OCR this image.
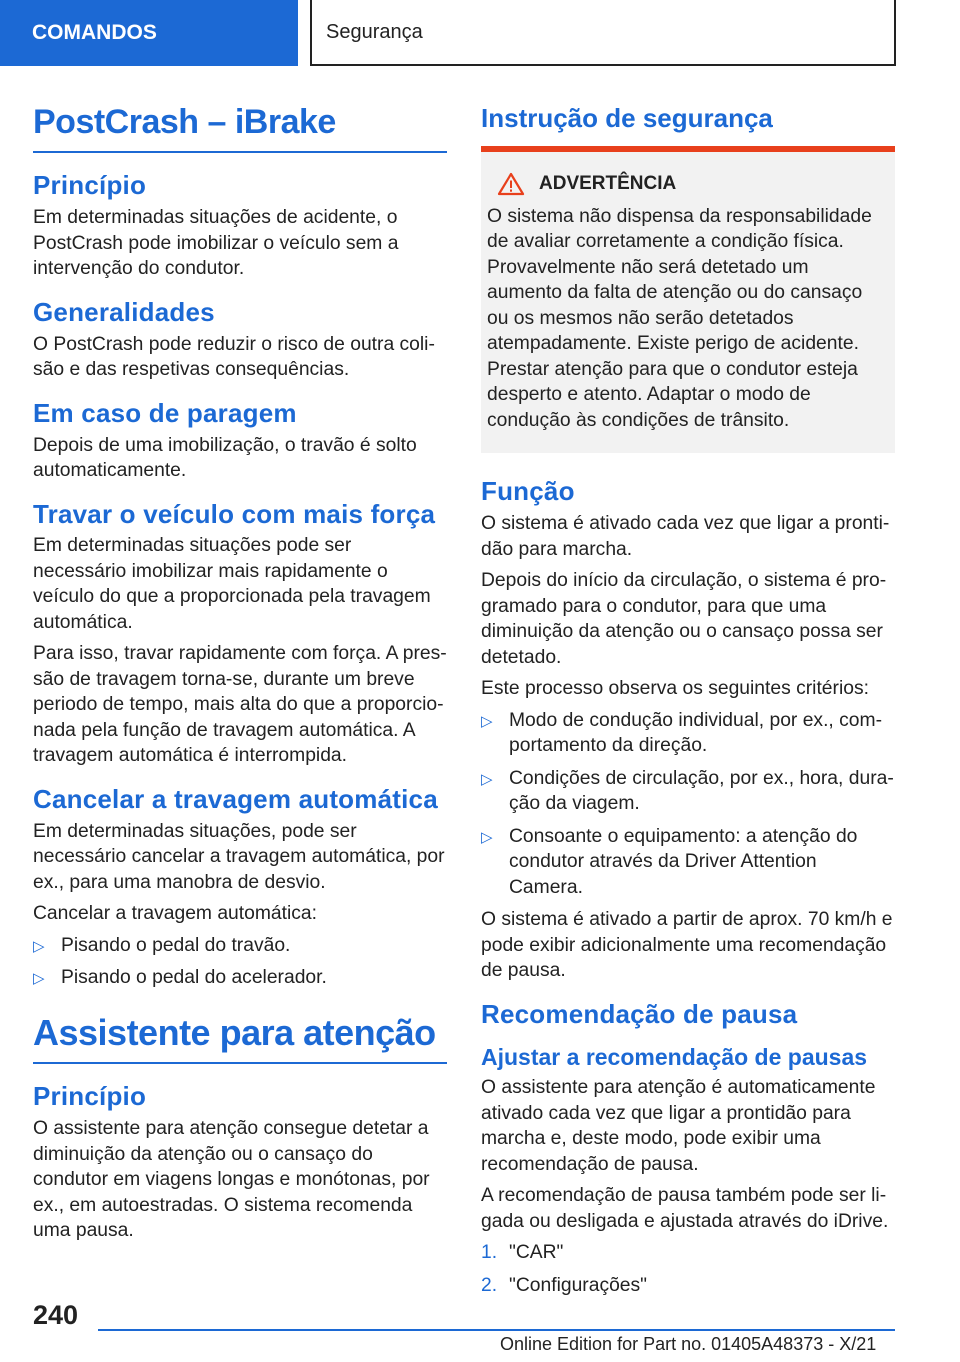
COMANDOS	Segurança
PostCrash – iBrake
Princípio

Em determinadas situações de acidente, o PostCrash pode imobilizar o veículo sem a intervenção do condutor.

Generalidades

O PostCrash pode reduzir o risco de outra colisão e das respetivas consequências.

Em caso de paragem

Depois de uma imobilização, o travão é solto automaticamente.

Travar o veículo com mais força

Em determinadas situações pode ser necessário imobilizar mais rapidamente o veículo do que a proporcionada pela travagem automática.

Para isso, travar rapidamente com força. A pressão de travagem torna-se, durante um breve periodo de tempo, mais alta do que a proporcionada pela função de travagem automática. A travagem automática é interrompida.

Cancelar a travagem automática

Em determinadas situações, pode ser necessário cancelar a travagem automática, por ex., para uma manobra de desvio.

Cancelar a travagem automática:

▷ Pisando o pedal do travão.
▷ Pisando o pedal do acelerador.
Assistente para atenção
Princípio

O assistente para atenção consegue detetar a diminuição da atenção ou o cansaço do condutor em viagens longas e monótonas, por ex., em autoestradas. O sistema recomenda uma pausa.

Instrução de segurança
ADVERTÊNCIA

O sistema não dispensa da responsabilidade de avaliar corretamente a condição física. Provavelmente não será detetado um aumento da falta de atenção ou do cansaço ou os mesmos não serão detetados atempadamente. Existe perigo de acidente. Prestar atenção para que o condutor esteja desperto e atento. Adaptar o modo de condução às condições de trânsito.

Função

O sistema é ativado cada vez que ligar a prontidão para marcha.

Depois do início da circulação, o sistema é programado para o condutor, para que uma diminuição da atenção ou o cansaço possa ser detetado.

Este processo observa os seguintes critérios:

▷ Modo de condução individual, por ex., comportamento da direção.
▷ Condições de circulação, por ex., hora, duração da viagem.
▷ Consoante o equipamento: a atenção do condutor através da Driver Attention Camera.

O sistema é ativado a partir de aprox. 70 km/h e pode exibir adicionalmente uma recomendação de pausa.

Recomendação de pausa
Ajustar a recomendação de pausas

O assistente para atenção é automaticamente ativado cada vez que ligar a prontidão para marcha e, deste modo, pode exibir uma recomendação de pausa.

A recomendação de pausa também pode ser ligada ou desligada e ajustada através do iDrive.

1. "CAR"
2. "Configurações"
240
Online Edition for Part no. 01405A48373 - X/21
